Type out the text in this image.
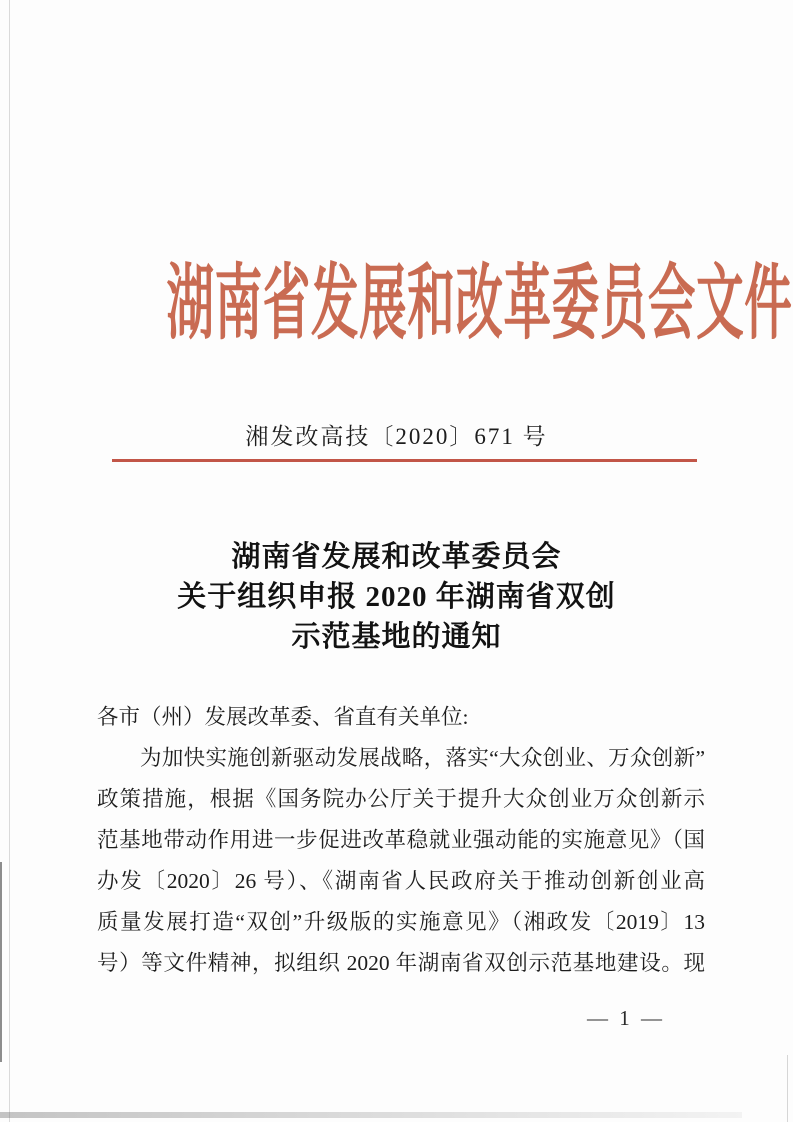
湖南省发展和改革委员会文件
湘发改高技〔2020〕671 号
湖南省发展和改革委员会
关于组织申报 2020 年湖南省双创
示范基地的通知
各市（州）发展改革委、省直有关单位:
为加快实施创新驱动发展战略，落实“大众创业、万众创新”
政策措施，根据《国务院办公厅关于提升大众创业万众创新示
范基地带动作用进一步促进改革稳就业强动能的实施意见》（国
办发〔2020〕26 号）、《湖南省人民政府关于推动创新创业高
质量发展打造“双创”升级版的实施意见》（湘政发〔2019〕13
号）等文件精神，拟组织 2020 年湖南省双创示范基地建设。现
— 1 —
